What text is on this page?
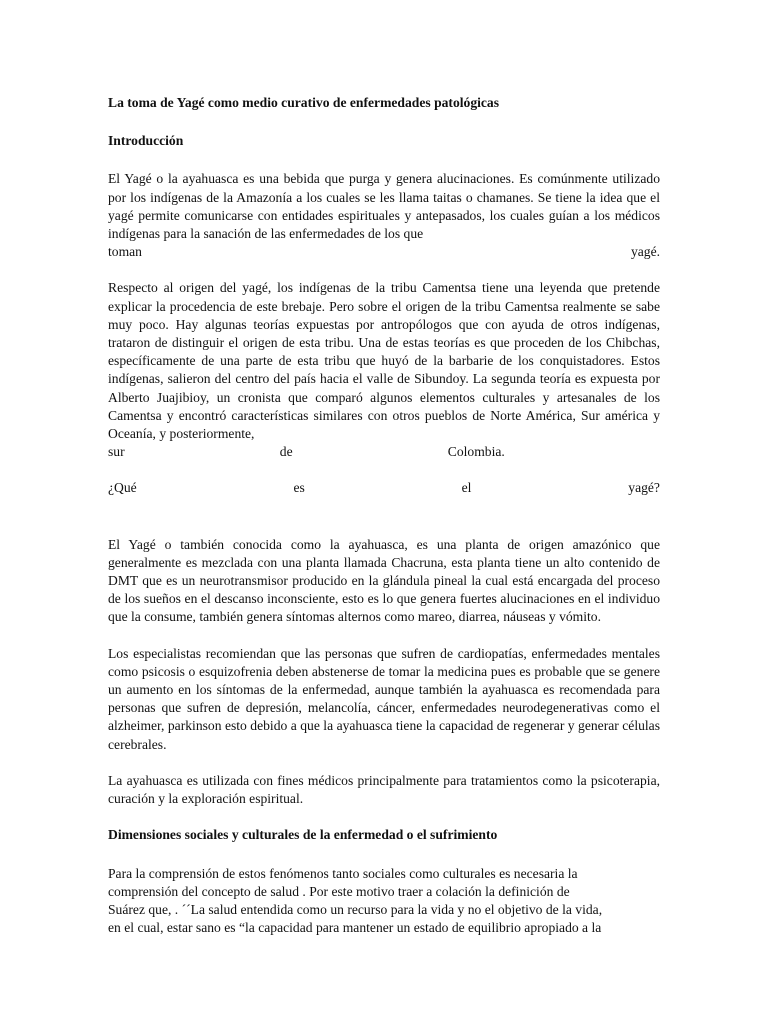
La toma de Yagé como medio curativo de enfermedades patológicas

Introducción

El Yagé o la ayahuasca es una bebida que purga y genera alucinaciones. Es comúnmente utilizado por los indígenas de la Amazonía a los cuales se les llama taitas o chamanes. Se tiene la idea que el yagé permite comunicarse con entidades espirituales y antepasados, los cuales guían a los médicos indígenas para la sanación de las enfermedades de los que

toman	yagé.

Respecto al origen del yagé, los indígenas de la tribu Camentsa tiene una leyenda que pretende explicar la procedencia de este brebaje. Pero sobre el origen de la tribu Camentsa realmente se sabe muy poco. Hay algunas teorías expuestas por antropólogos que con ayuda de otros indígenas, trataron de distinguir el origen de esta tribu. Una de estas teorías es que proceden de los Chibchas, específicamente de una parte de esta tribu que huyó de la barbarie de los conquistadores. Estos indígenas, salieron del centro del país hacia el valle de Sibundoy. La segunda teoría es expuesta por Alberto Juajibioy, un cronista que comparó algunos elementos culturales y artesanales de los Camentsa y encontró características similares con otros pueblos de Norte América, Sur américa y Oceanía, y posteriormente,

sur	de	Colombia.
¿Qué	es	el	yagé?

El Yagé o también conocida como la ayahuasca, es una planta de origen amazónico que generalmente es mezclada con una planta llamada Chacruna, esta planta tiene un alto contenido de DMT que es un neurotransmisor producido en la glándula pineal la cual está encargada del proceso de los sueños en el descanso inconsciente, esto es lo que genera fuertes alucinaciones en el individuo que la consume, también genera síntomas alternos como mareo, diarrea, náuseas y vómito.

Los especialistas recomiendan que las personas que sufren de cardiopatías, enfermedades mentales como psicosis o esquizofrenia deben abstenerse de tomar la medicina pues es probable que se genere un aumento en los síntomas de la enfermedad, aunque también la ayahuasca es recomendada para personas que sufren de depresión, melancolía, cáncer, enfermedades neurodegenerativas como el alzheimer, parkinson esto debido a que la ayahuasca tiene la capacidad de regenerar y generar células cerebrales.

La ayahuasca es utilizada con fines médicos principalmente para tratamientos como la psicoterapia, curación y la exploración espiritual.

Dimensiones sociales y culturales de la enfermedad o el sufrimiento

Para la comprensión de estos fenómenos tanto sociales como culturales es necesaria la

comprensión del concepto de salud . Por este motivo traer a colación la definición de

Suárez que, . ´´La salud entendida como un recurso para la vida y no el objetivo de la vida,

en el cual, estar sano es “la capacidad para mantener un estado de equilibrio apropiado a la
